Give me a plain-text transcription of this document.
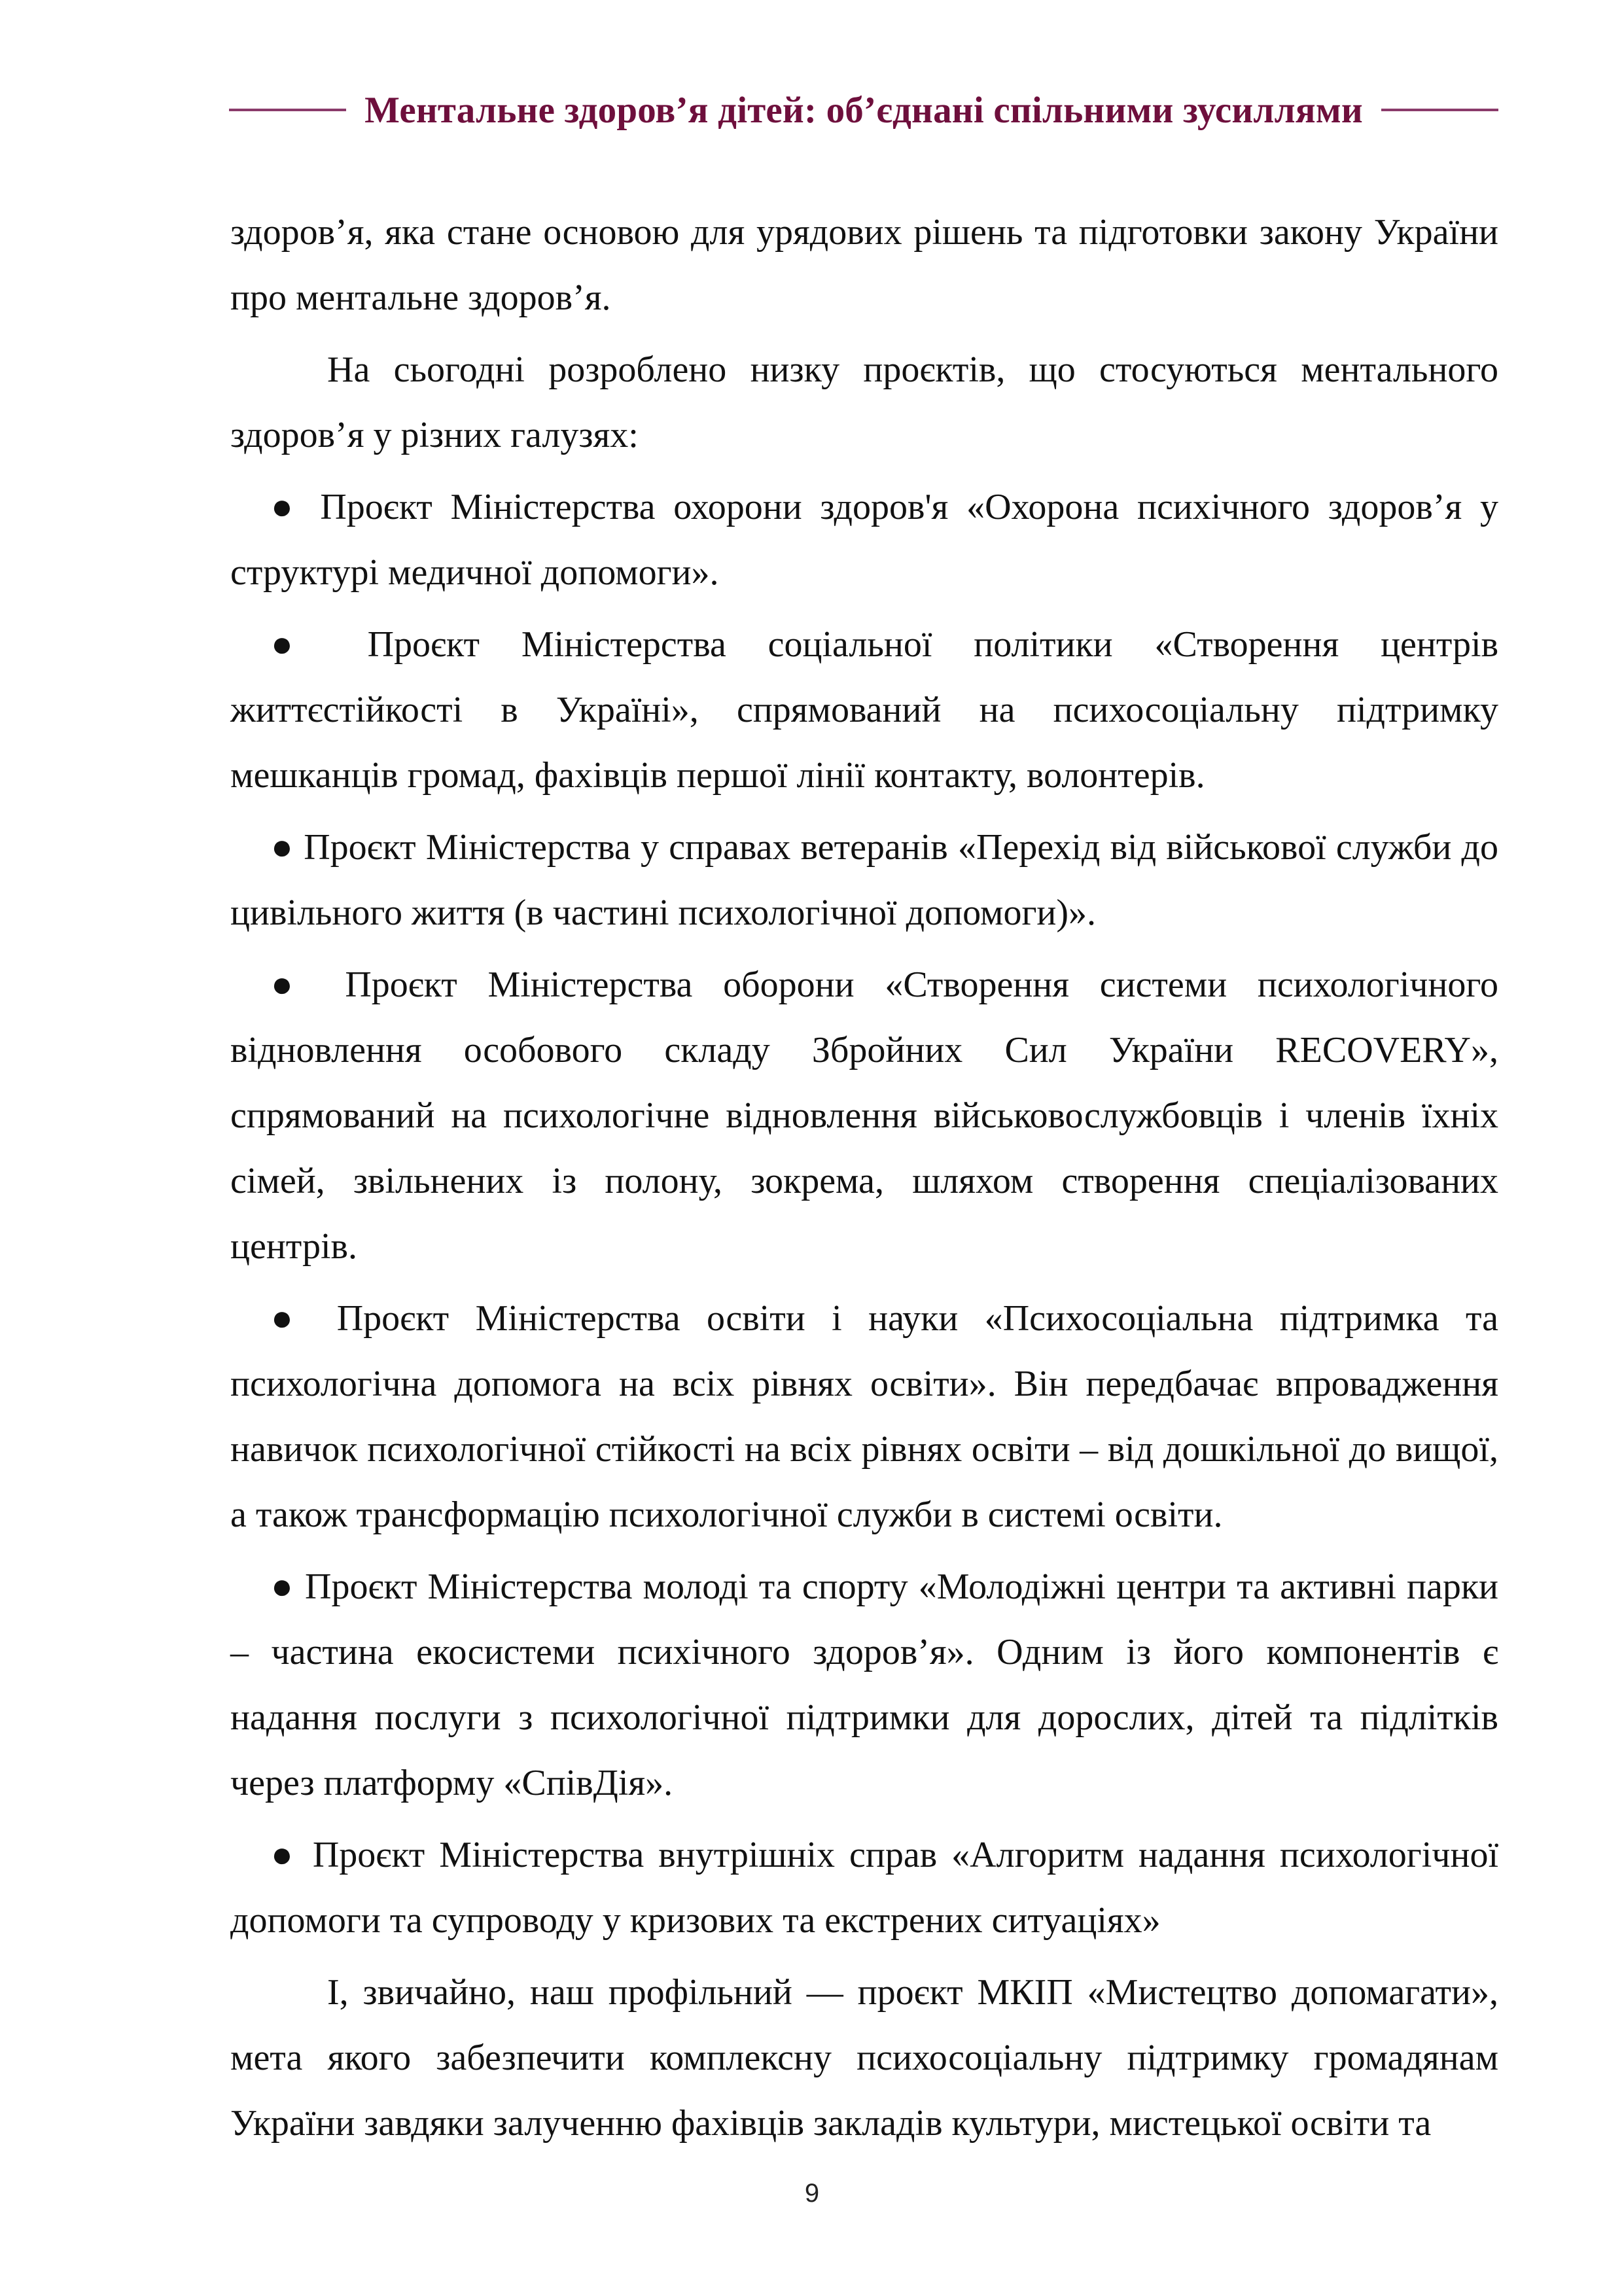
Ментальне здоров’я дітей: об’єднані спільними зусиллями

здоров’я, яка стане основою для урядових рішень та підготовки закону України про ментальне здоров’я.

На сьогодні розроблено низку проєктів, що стосуються ментального здоров’я у різних галузях:

● Проєкт Міністерства охорони здоров'я «Охорона психічного здоров’я у структурі медичної допомоги».

● Проєкт Міністерства соціальної політики «Створення центрів життєстійкості в Україні», спрямований на психосоціальну підтримку мешканців громад, фахівців першої лінії контакту, волонтерів.

● Проєкт Міністерства у справах ветеранів «Перехід від військової служби до цивільного життя (в частині психологічної допомоги)».

● Проєкт Міністерства оборони «Створення системи психологічного відновлення особового складу Збройних Сил України RECOVERY», спрямований на психологічне відновлення військовослужбовців і членів їхніх сімей, звільнених із полону, зокрема, шляхом створення спеціалізованих центрів.

● Проєкт Міністерства освіти і науки «Психосоціальна підтримка та психологічна допомога на всіх рівнях освіти». Він передбачає впровадження навичок психологічної стійкості на всіх рівнях освіти – від дошкільної до вищої, а також трансформацію психологічної служби в системі освіти.

● Проєкт Міністерства молоді та спорту «Молодіжні центри та активні парки – частина екосистеми психічного здоров’я». Одним із його компонентів є надання послуги з психологічної підтримки для дорослих, дітей та підлітків через платформу «СпівДія».

● Проєкт Міністерства внутрішніх справ «Алгоритм надання психологічної допомоги та супроводу у кризових та екстрених ситуаціях»

І, звичайно, наш профільний — проєкт МКІП «Мистецтво допомагати», мета якого забезпечити комплексну психосоціальну підтримку громадянам України завдяки залученню фахівців закладів культури, мистецької освіти та

9
